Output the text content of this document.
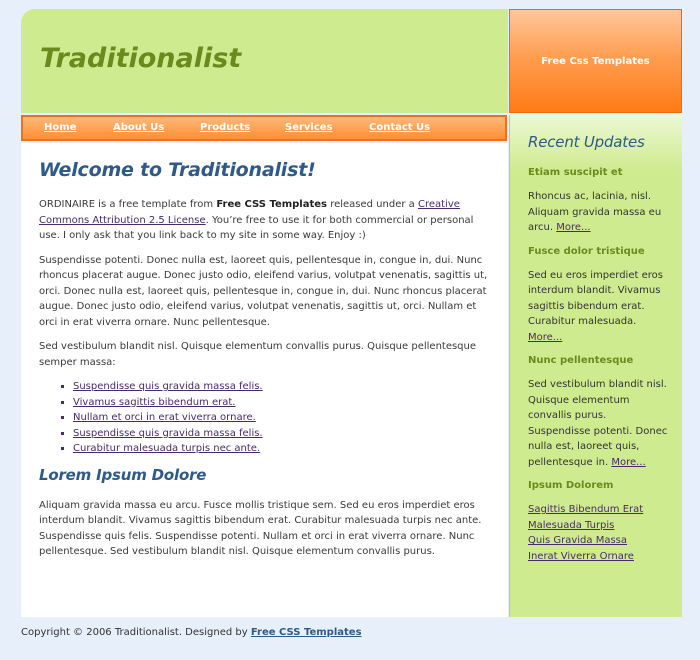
Traditionalist	Free Css Templates
Home	About Us	Products	Services	Contact Us
Welcome to Traditionalist!

ORDINAIRE is a free template from Free CSS Templates released under a Creative Commons Attribution 2.5 License. You’re free to use it for both commercial or personal use. I only ask that you link back to my site in some way. Enjoy :)

Suspendisse potenti. Donec nulla est, laoreet quis, pellentesque in, congue in, dui. Nunc rhoncus placerat augue. Donec justo odio, eleifend varius, volutpat venenatis, sagittis ut, orci. Donec nulla est, laoreet quis, pellentesque in, congue in, dui. Nunc rhoncus placerat augue. Donec justo odio, eleifend varius, volutpat venenatis, sagittis ut, orci. Nullam et orci in erat viverra ornare. Nunc pellentesque.

Sed vestibulum blandit nisl. Quisque elementum convallis purus. Quisque pellentesque semper massa:

▪ Suspendisse quis gravida massa felis.
▪ Vivamus sagittis bibendum erat.
▪ Nullam et orci in erat viverra ornare.
▪ Suspendisse quis gravida massa felis.
▪ Curabitur malesuada turpis nec ante.
Lorem Ipsum Dolore

Aliquam gravida massa eu arcu. Fusce mollis tristique sem. Sed eu eros imperdiet eros interdum blandit. Vivamus sagittis bibendum erat. Curabitur malesuada turpis nec ante. Suspendisse quis felis. Suspendisse potenti. Nullam et orci in erat viverra ornare. Nunc pellentesque. Sed vestibulum blandit nisl. Quisque elementum convallis purus.

Recent Updates
Etiam suscipit et

Rhoncus ac, lacinia, nisl. Aliquam gravida massa eu arcu. More...

Fusce dolor tristique

Sed eu eros imperdiet eros interdum blandit. Vivamus sagittis bibendum erat. Curabitur malesuada. More...

Nunc pellentesque

Sed vestibulum blandit nisl. Quisque elementum convallis purus. Suspendisse potenti. Donec nulla est, laoreet quis, pellentesque in. More...

Ipsum Dolorem
Sagittis Bibendum Erat
Malesuada Turpis
Quis Gravida Massa
Inerat Viverra Ornare
Copyright © 2006 Traditionalist. Designed by Free CSS Templates
